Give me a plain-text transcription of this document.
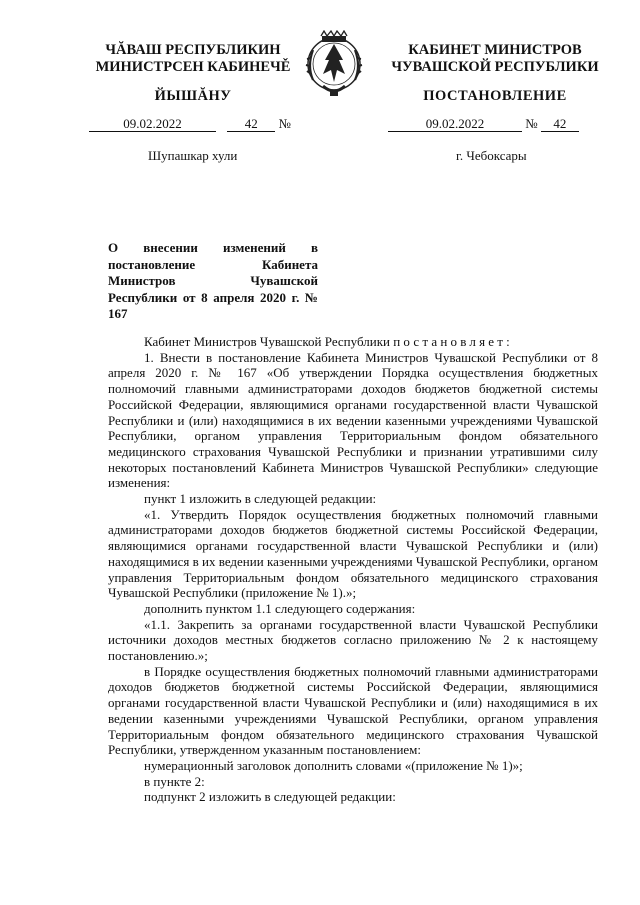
ЧĂВАШ РЕСПУБЛИКИН
МИНИСТРСЕН КАБИНЕЧĚ
ЙЫШĂНУ
КАБИНЕТ МИНИСТРОВ
ЧУВАШСКОЙ РЕСПУБЛИКИ
ПОСТАНОВЛЕНИЕ
09.02.2022	42 №	09.02.2022	№ 42
Шупашкар хули	г. Чебоксары
О внесении изменений в постановление Кабинета Министров Чувашской Республики от 8 апреля 2020 г. № 167

Кабинет Министров Чувашской Республики постановляет:

1. Внести в постановление Кабинета Министров Чувашской Республики от 8 апреля 2020 г. № 167 «Об утверждении Порядка осуществления бюджетных полномочий главными администраторами доходов бюджетов бюджетной системы Российской Федерации, являющимися органами государственной власти Чувашской Республики и (или) находящимися в их ведении казенными учреждениями Чувашской Республики, органом управления Территориальным фондом обязательного медицинского страхования Чувашской Республики и признании утратившими силу некоторых постановлений Кабинета Министров Чувашской Республики» следующие изменения:

пункт 1 изложить в следующей редакции:

«1. Утвердить Порядок осуществления бюджетных полномочий главными администраторами доходов бюджетов бюджетной системы Российской Федерации, являющимися органами государственной власти Чувашской Республики и (или) находящимися в их ведении казенными учреждениями Чувашской Республики, органом управления Территориальным фондом обязательного медицинского страхования Чувашской Республики (приложение № 1).»;

дополнить пунктом 1.1 следующего содержания:

«1.1. Закрепить за органами государственной власти Чувашской Республики источники доходов местных бюджетов согласно приложению № 2 к настоящему постановлению.»;

в Порядке осуществления бюджетных полномочий главными администраторами доходов бюджетов бюджетной системы Российской Федерации, являющимися органами государственной власти Чувашской Республики и (или) находящимися в их ведении казенными учреждениями Чувашской Республики, органом управления Территориальным фондом обязательного медицинского страхования Чувашской Республики, утвержденном указанным постановлением:

нумерационный заголовок дополнить словами «(приложение № 1)»;

в пункте 2:

подпункт 2 изложить в следующей редакции:
